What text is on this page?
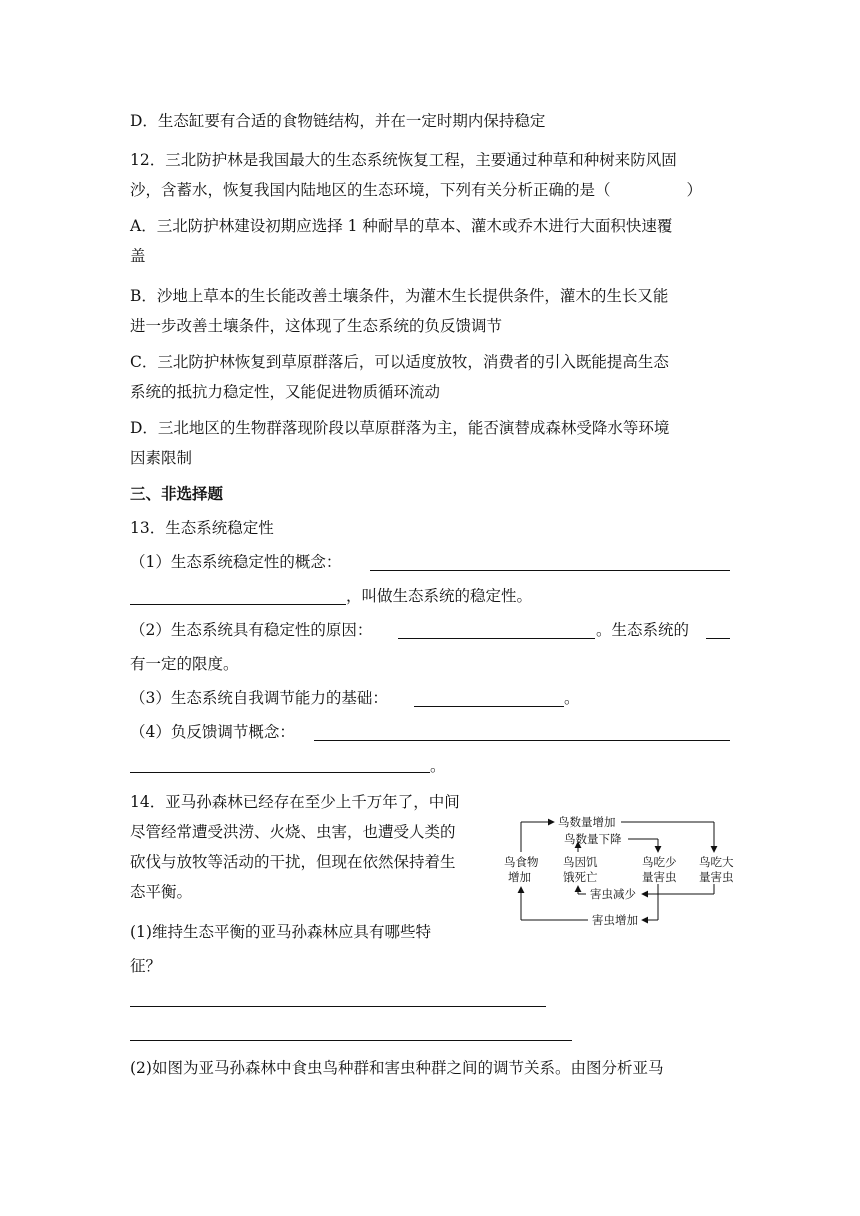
D．生态缸要有合适的食物链结构，并在一定时期内保持稳定
12．三北防护林是我国最大的生态系统恢复工程，主要通过种草和种树来防风固
沙，含蓄水，恢复我国内陆地区的生态环境，下列有关分析正确的是（	）
A．三北防护林建设初期应选择 1 种耐旱的草本、灌木或乔木进行大面积快速覆
盖
B．沙地上草本的生长能改善土壤条件，为灌木生长提供条件，灌木的生长又能
进一步改善土壤条件，这体现了生态系统的负反馈调节
C．三北防护林恢复到草原群落后，可以适度放牧，消费者的引入既能提高生态
系统的抵抗力稳定性，又能促进物质循环流动
D．三北地区的生物群落现阶段以草原群落为主，能否演替成森林受降水等环境
因素限制
三、非选择题
13．生态系统稳定性
（1）生态系统稳定性的概念：
，叫做生态系统的稳定性。
（2）生态系统具有稳定性的原因：	。生态系统的
有一定的限度。
（3）生态系统自我调节能力的基础：	。
（4）负反馈调节概念：
。
14．亚马孙森林已经存在至少上千万年了，中间
尽管经常遭受洪涝、火烧、虫害，也遭受人类的
砍伐与放牧等活动的干扰，但现在依然保持着生
态平衡。
(1)维持生态平衡的亚马孙森林应具有哪些特
征？
(2)如图为亚马孙森林中食虫鸟种群和害虫种群之间的调节关系。由图分析亚马
鸟数量增加
鸟数量下降
鸟食物
增加
鸟因饥
饿死亡
鸟吃少
量害虫
鸟吃大
量害虫
害虫减少
害虫增加
